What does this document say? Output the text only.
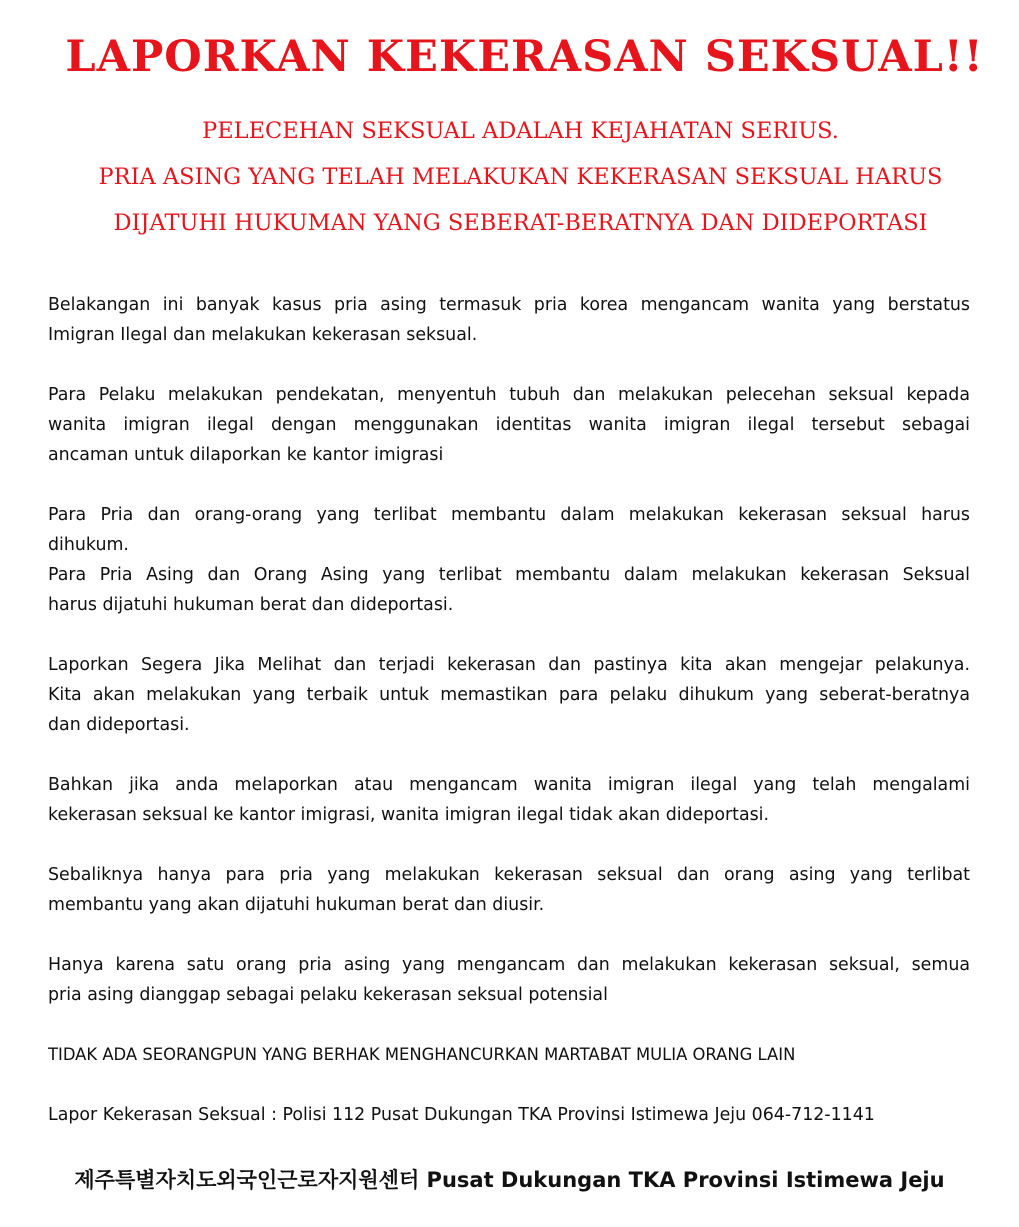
LAPORKAN KEKERASAN SEKSUAL!!
PELECEHAN SEKSUAL ADALAH KEJAHATAN SERIUS.
PRIA ASING YANG TELAH MELAKUKAN KEKERASAN SEKSUAL HARUS
DIJATUHI HUKUMAN YANG SEBERAT-BERATNYA DAN DIDEPORTASI
Belakangan ini banyak kasus pria asing termasuk pria korea mengancam wanita yang berstatus
Imigran Ilegal dan melakukan kekerasan seksual.
Para Pelaku melakukan pendekatan, menyentuh tubuh dan melakukan pelecehan seksual kepada
wanita imigran ilegal dengan menggunakan identitas wanita imigran ilegal tersebut sebagai
ancaman untuk dilaporkan ke kantor imigrasi
Para Pria dan orang-orang yang terlibat membantu dalam melakukan kekerasan seksual harus
dihukum.
Para Pria Asing dan Orang Asing yang terlibat membantu dalam melakukan kekerasan Seksual
harus dijatuhi hukuman berat dan dideportasi.
Laporkan Segera Jika Melihat dan terjadi kekerasan dan pastinya kita akan mengejar pelakunya.
Kita akan melakukan yang terbaik untuk memastikan para pelaku dihukum yang seberat-beratnya
dan dideportasi.
Bahkan jika anda melaporkan atau mengancam wanita imigran ilegal yang telah mengalami
kekerasan seksual ke kantor imigrasi, wanita imigran ilegal tidak akan dideportasi.
Sebaliknya hanya para pria yang melakukan kekerasan seksual dan orang asing yang terlibat
membantu yang akan dijatuhi hukuman berat dan diusir.
Hanya karena satu orang pria asing yang mengancam dan melakukan kekerasan seksual, semua
pria asing dianggap sebagai pelaku kekerasan seksual potensial
TIDAK ADA SEORANGPUN YANG BERHAK MENGHANCURKAN MARTABAT MULIA ORANG LAIN
Lapor Kekerasan Seksual : Polisi 112 Pusat Dukungan TKA Provinsi Istimewa Jeju 064-712-1141
제주특별자치도외국인근로자지원센터 Pusat Dukungan TKA Provinsi Istimewa Jeju
